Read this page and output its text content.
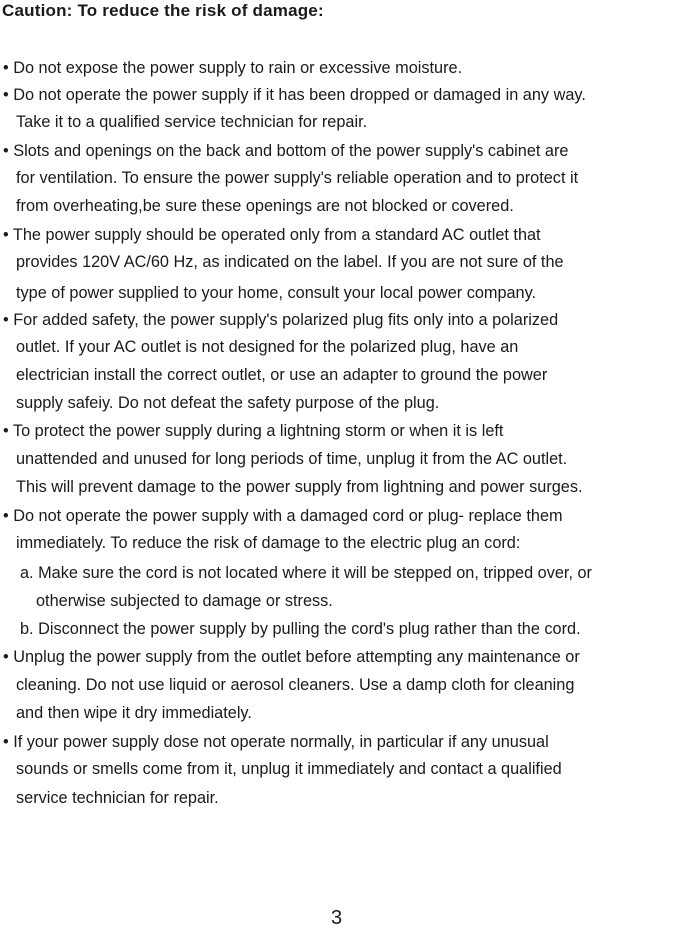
Caution: To reduce the risk of damage:

• Do not expose the power supply to rain or excessive moisture.

• Do not operate the power supply if it has been dropped or damaged in any way.

Take it to a qualified service technician for repair.

• Slots and openings on the back and bottom of the power supply's cabinet are

for ventilation. To ensure the power supply's reliable operation and to protect it

from overheating,be sure these openings are not blocked or covered.

• The power supply should be operated only from a standard AC outlet that

provides 120V AC/60 Hz, as indicated on the label. If you are not sure of the

type of power supplied to your home, consult your local power company.

• For added safety, the power supply's polarized plug fits only into a polarized

outlet. If your AC outlet is not designed for the polarized plug, have an

electrician install the correct outlet, or use an adapter to ground the power

supply safeiy. Do not defeat the safety purpose of the plug.

• To protect the power supply during a lightning storm or when it is left

unattended and unused for long periods of time, unplug it from the AC outlet.

This will prevent damage to the power supply from lightning and power surges.

• Do not operate the power supply with a damaged cord or plug- replace them

immediately. To reduce the risk of damage to the electric plug an cord:

a. Make sure the cord is not located where it will be stepped on, tripped over, or

otherwise subjected to damage or stress.

b. Disconnect the power supply by pulling the cord's plug rather than the cord.

• Unplug the power supply from the outlet before attempting any maintenance or

cleaning. Do not use liquid or aerosol cleaners. Use a damp cloth for cleaning

and then wipe it dry immediately.

• If your power supply dose not operate normally, in particular if any unusual

sounds or smells come from it, unplug it immediately and contact a qualified

service technician for repair.

3
